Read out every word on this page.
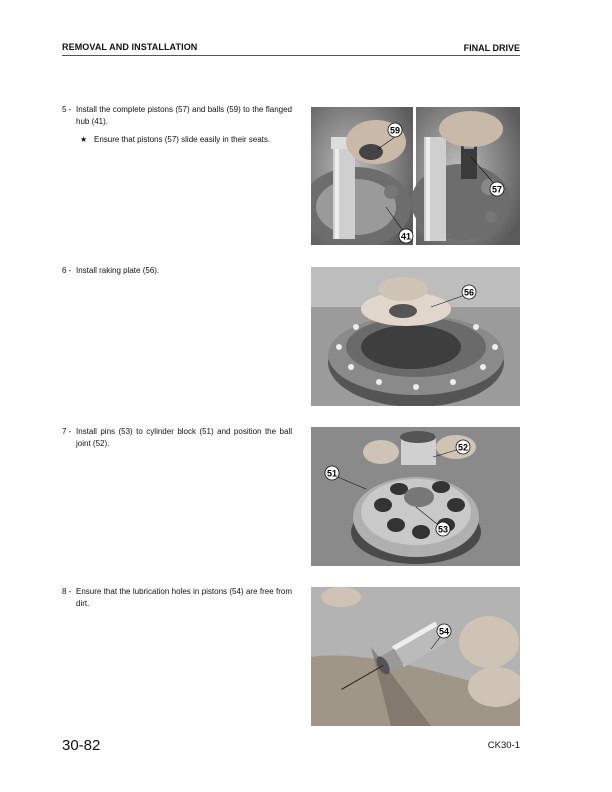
REMOVAL AND INSTALLATION	FINAL DRIVE
5 - Install the complete pistons (57) and balls (59) to the flanged hub (41).
★ Ensure that pistons (57) slide easily in their seats.
6 - Install raking plate (56).
7 - Install pins (53) to cylinder block (51) and position the ball joint (52).
8 - Ensure that the lubrication holes in pistons (54) are free from dirt.
59
57
41
56
52
51
53
54
30-82	CK30-1
